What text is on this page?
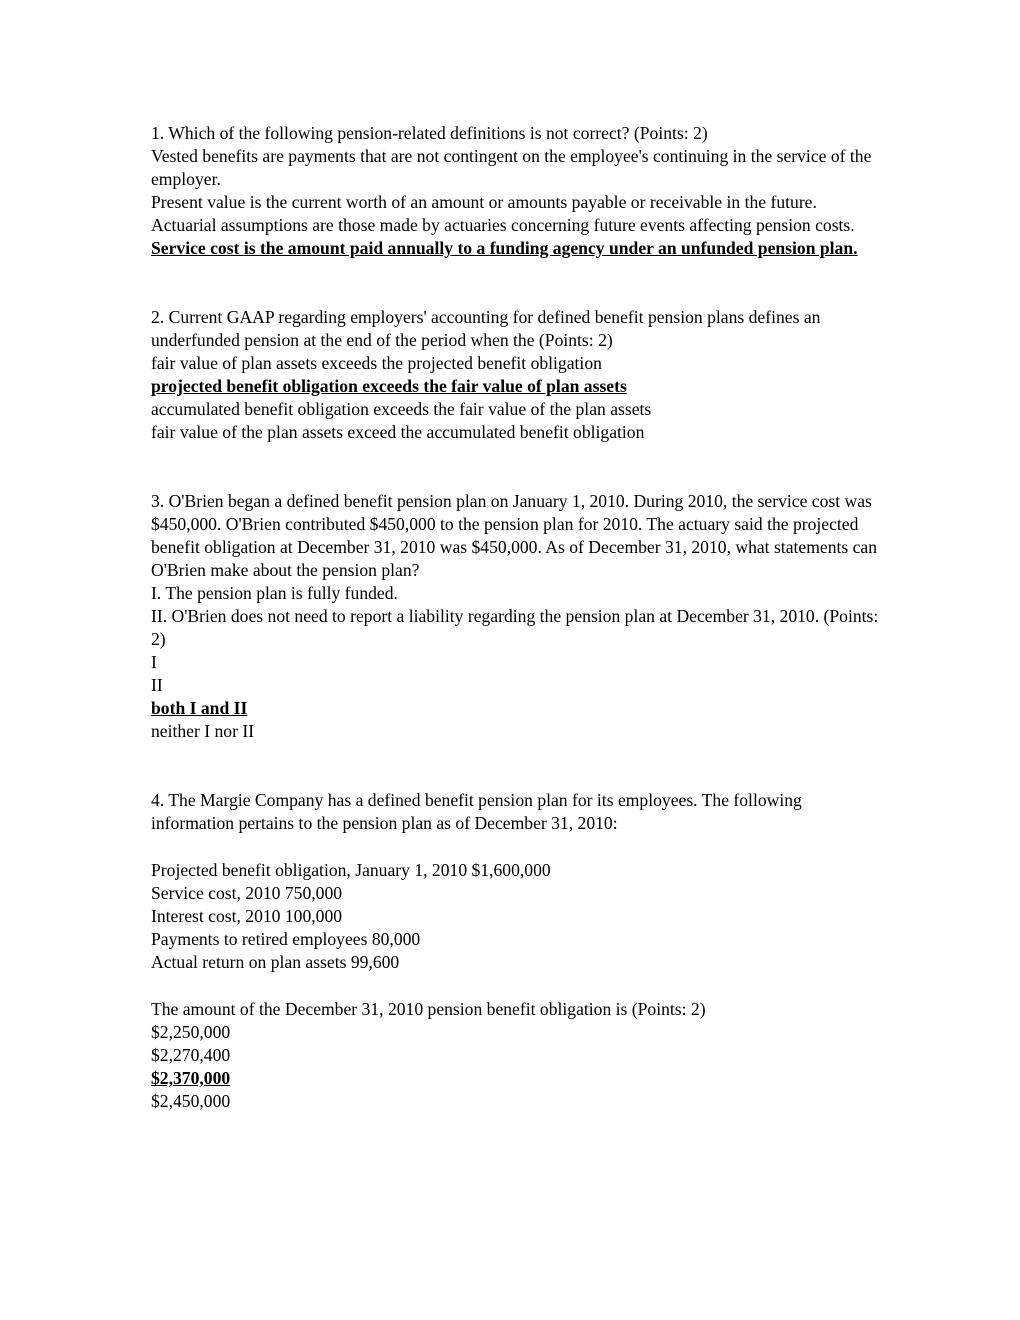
1. Which of the following pension-related definitions is not correct? (Points: 2)
Vested benefits are payments that are not contingent on the employee's continuing in the service of the employer.
Present value is the current worth of an amount or amounts payable or receivable in the future.
Actuarial assumptions are those made by actuaries concerning future events affecting pension costs.
Service cost is the amount paid annually to a funding agency under an unfunded pension plan.
2. Current GAAP regarding employers' accounting for defined benefit pension plans defines an underfunded pension at the end of the period when the (Points: 2)
fair value of plan assets exceeds the projected benefit obligation
projected benefit obligation exceeds the fair value of plan assets
accumulated benefit obligation exceeds the fair value of the plan assets
fair value of the plan assets exceed the accumulated benefit obligation
3. O'Brien began a defined benefit pension plan on January 1, 2010. During 2010, the service cost was $450,000. O'Brien contributed $450,000 to the pension plan for 2010. The actuary said the projected benefit obligation at December 31, 2010 was $450,000. As of December 31, 2010, what statements can O'Brien make about the pension plan?
I. The pension plan is fully funded.
II. O'Brien does not need to report a liability regarding the pension plan at December 31, 2010. (Points: 2)
I
II
both I and II
neither I nor II
4. The Margie Company has a defined benefit pension plan for its employees. The following information pertains to the pension plan as of December 31, 2010:
Projected benefit obligation, January 1, 2010 $1,600,000
Service cost, 2010 750,000
Interest cost, 2010 100,000
Payments to retired employees 80,000
Actual return on plan assets 99,600
The amount of the December 31, 2010 pension benefit obligation is (Points: 2)
$2,250,000
$2,270,400
$2,370,000
$2,450,000
